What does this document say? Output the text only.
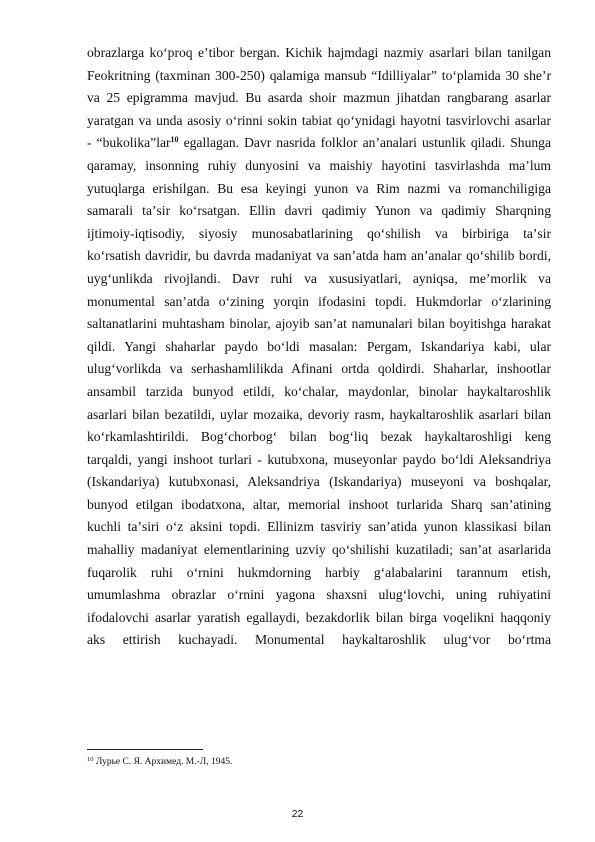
obrazlarga koʻproq eʼtibor bergan. Kichik hajmdagi nazmiy asarlari bilan tanilgan
Feokritning (taxminan 300-250) qalamiga mansub “Idilliyalar” toʻplamida 30 sheʼr
va 25 epigramma mavjud. Bu asarda shoir mazmun jihatdan rangbarang asarlar
yaratgan va unda asosiy oʻrinni sokin tabiat qoʻynidagi hayotni tasvirlovchi asarlar
- “bukolika”lar$^{10}$ egallagan. Davr nasrida folklor anʼanalari ustunlik qiladi. Shunga
qaramay, insonning ruhiy dunyosini va maishiy hayotini tasvirlashda maʼlum
yutuqlarga erishilgan. Bu esa keyingi yunon va Rim nazmi va romanchiligiga
samarali taʼsir koʻrsatgan. Ellin davri qadimiy Yunon va qadimiy Sharqning
ijtimoiy-iqtisodiy, siyosiy munosabatlarining qoʻshilish va birbiriga taʼsir
koʻrsatish davridir, bu davrda madaniyat va sanʼatda ham anʼanalar qoʻshilib bordi,
uygʻunlikda rivojlandi. Davr ruhi va xususiyatlari, ayniqsa, meʼmorlik va
monumental sanʼatda oʻzining yorqin ifodasini topdi. Hukmdorlar oʻzlarining
saltanatlarini muhtasham binolar, ajoyib sanʼat namunalari bilan boyitishga harakat
qildi. Yangi shaharlar paydo boʻldi masalan: Pergam, Iskandariya kabi, ular
ulugʻvorlikda va serhashamlilikda Afinani ortda qoldirdi. Shaharlar, inshootlar
ansambil tarzida bunyod etildi, koʻchalar, maydonlar, binolar haykaltaroshlik
asarlari bilan bezatildi, uylar mozaika, devoriy rasm, haykaltaroshlik asarlari bilan
koʻrkamlashtirildi. Bogʻchorbogʻ bilan bogʻliq bezak haykaltaroshligi keng
tarqaldi, yangi inshoot turlari - kutubxona, museyonlar paydo boʻldi Aleksandriya
(Iskandariya) kutubxonasi, Aleksandriya (Iskandariya) museyoni va boshqalar,
bunyod etilgan ibodatxona, altar, memorial inshoot turlarida Sharq sanʼatining
kuchli taʼsiri oʻz aksini topdi. Ellinizm tasviriy sanʼatida yunon klassikasi bilan
mahalliy madaniyat elementlarining uzviy qoʻshilishi kuzatiladi; sanʼat asarlarida
fuqarolik ruhi oʻrnini hukmdorning harbiy gʻalabalarini tarannum etish,
umumlashma obrazlar oʻrnini yagona shaxsni ulugʻlovchi, uning ruhiyatini
ifodalovchi asarlar yaratish egallaydi, bezakdorlik bilan birga voqelikni haqqoniy
aks ettirish kuchayadi. Monumental haykaltaroshlik ulugʻvor boʻrtma
$^{10}$ Лурье С. Я. Архимед. М.-Л, 1945.
22
